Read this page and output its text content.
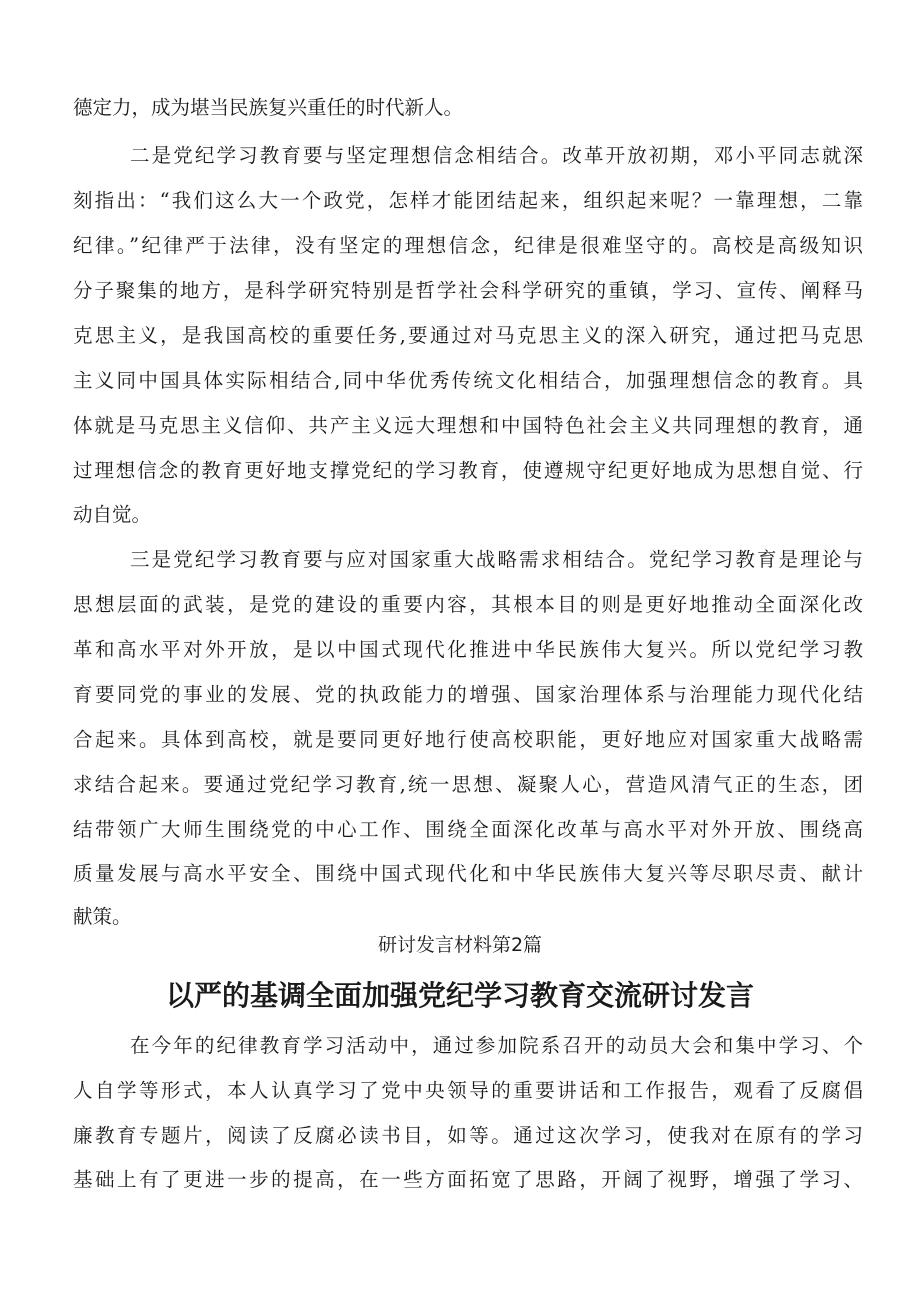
德定力，成为堪当民族复兴重任的时代新人。
二是党纪学习教育要与坚定理想信念相结合。改革开放初期，邓小平同志就深
刻指出：“我们这么大一个政党，怎样才能团结起来，组织起来呢？一靠理想，二靠
纪律。”纪律严于法律，没有坚定的理想信念，纪律是很难坚守的。高校是高级知识
分子聚集的地方，是科学研究特别是哲学社会科学研究的重镇，学习、宣传、阐释马
克思主义，是我国高校的重要任务,要通过对马克思主义的深入研究，通过把马克思
主义同中国具体实际相结合,同中华优秀传统文化相结合，加强理想信念的教育。具
体就是马克思主义信仰、共产主义远大理想和中国特色社会主义共同理想的教育，通
过理想信念的教育更好地支撑党纪的学习教育，使遵规守纪更好地成为思想自觉、行
动自觉。
三是党纪学习教育要与应对国家重大战略需求相结合。党纪学习教育是理论与
思想层面的武装，是党的建设的重要内容，其根本目的则是更好地推动全面深化改
革和高水平对外开放，是以中国式现代化推进中华民族伟大复兴。所以党纪学习教
育要同党的事业的发展、党的执政能力的增强、国家治理体系与治理能力现代化结
合起来。具体到高校，就是要同更好地行使高校职能，更好地应对国家重大战略需
求结合起来。要通过党纪学习教育,统一思想、凝聚人心，营造风清气正的生态，团
结带领广大师生围绕党的中心工作、围绕全面深化改革与高水平对外开放、围绕高
质量发展与高水平安全、围绕中国式现代化和中华民族伟大复兴等尽职尽责、献计
献策。
研讨发言材料第2篇
以严的基调全面加强党纪学习教育交流研讨发言
在今年的纪律教育学习活动中，通过参加院系召开的动员大会和集中学习、个
人自学等形式，本人认真学习了党中央领导的重要讲话和工作报告，观看了反腐倡
廉教育专题片，阅读了反腐必读书目，如等。通过这次学习，使我对在原有的学习
基础上有了更进一步的提高，在一些方面拓宽了思路，开阔了视野，增强了学习、
